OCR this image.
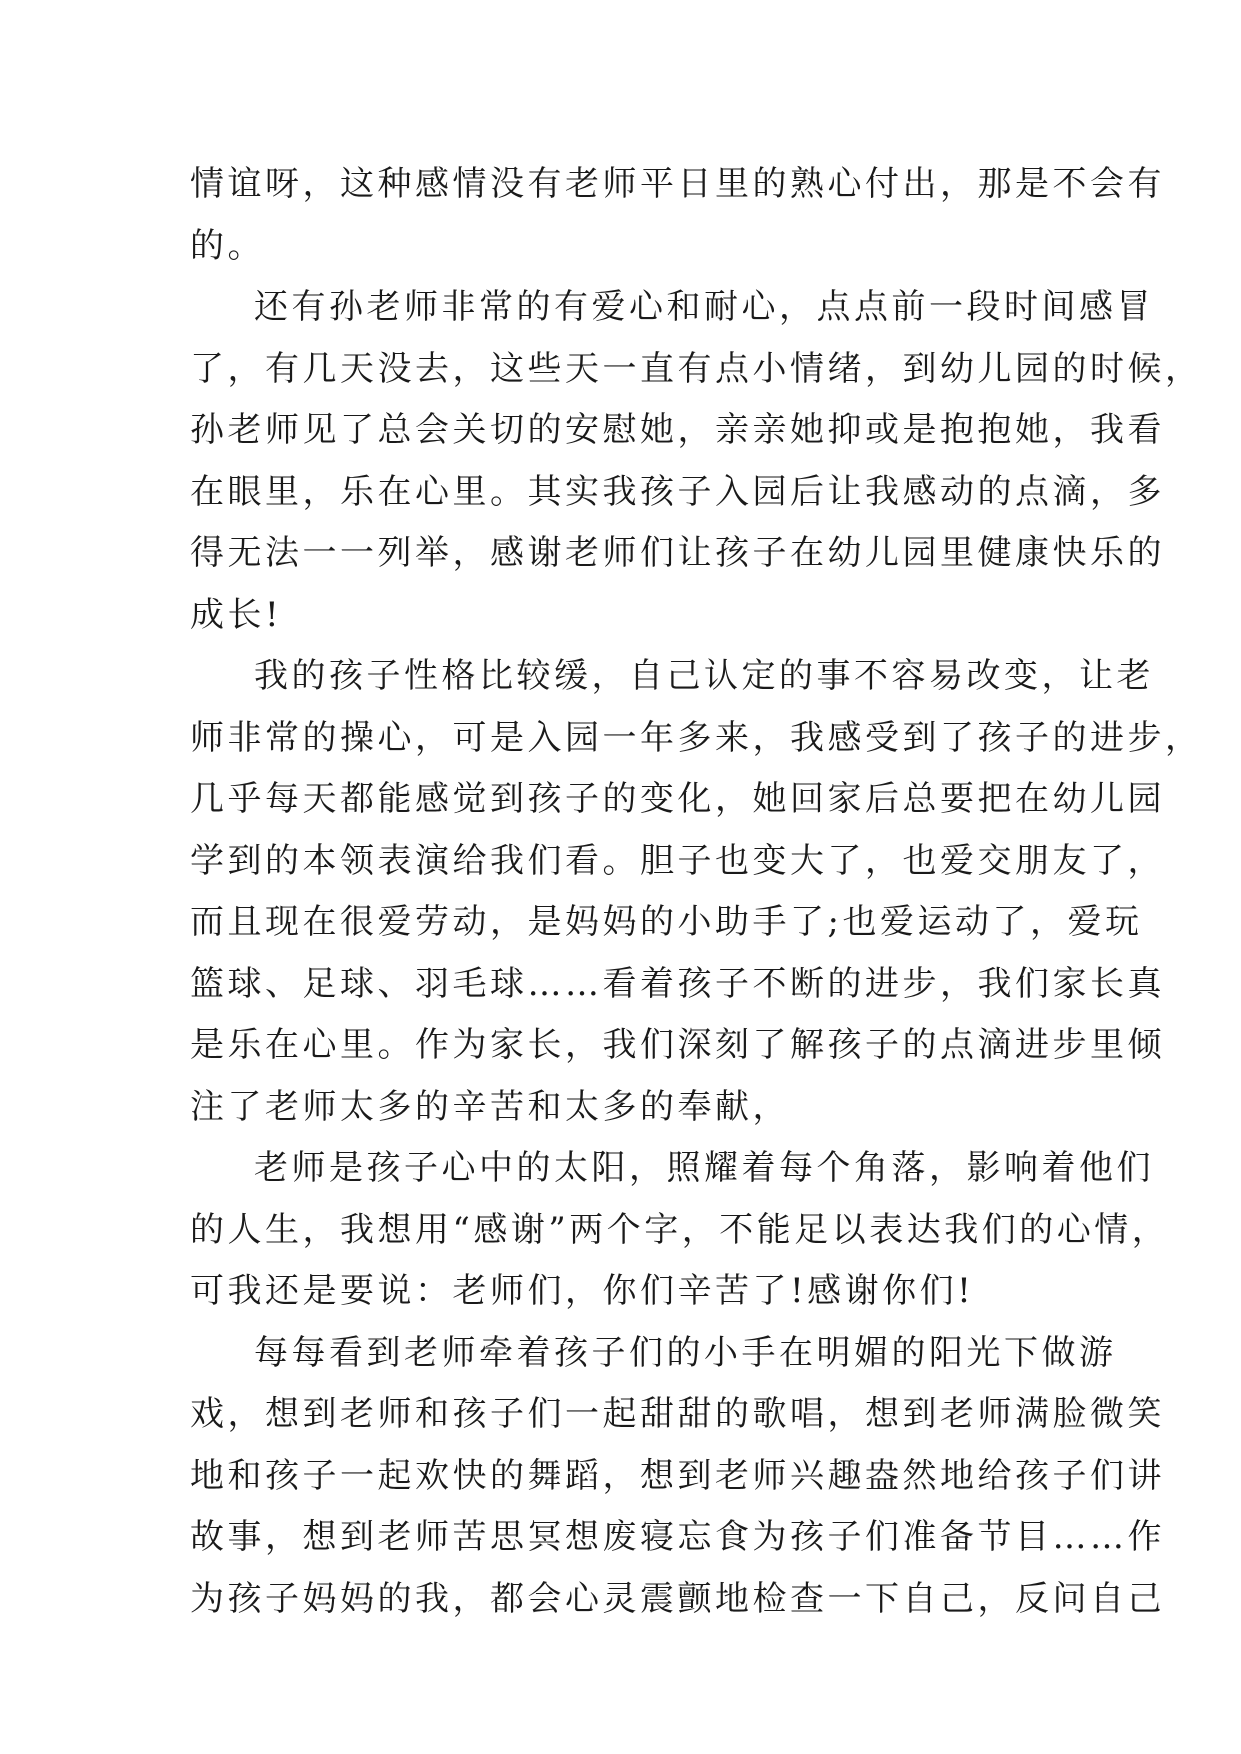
情谊呀，这种感情没有老师平日里的熟心付出，那是不会有
的。
还有孙老师非常的有爱心和耐心，点点前一段时间感冒
了，有几天没去，这些天一直有点小情绪，到幼儿园的时候，
孙老师见了总会关切的安慰她，亲亲她抑或是抱抱她，我看
在眼里，乐在心里。其实我孩子入园后让我感动的点滴，多
得无法一一列举，感谢老师们让孩子在幼儿园里健康快乐的
成长!
我的孩子性格比较缓，自己认定的事不容易改变，让老
师非常的操心，可是入园一年多来，我感受到了孩子的进步，
几乎每天都能感觉到孩子的变化，她回家后总要把在幼儿园
学到的本领表演给我们看。胆子也变大了，也爱交朋友了，
而且现在很爱劳动，是妈妈的小助手了;也爱运动了，爱玩
篮球、足球、羽毛球……看着孩子不断的进步，我们家长真
是乐在心里。作为家长，我们深刻了解孩子的点滴进步里倾
注了老师太多的辛苦和太多的奉献，
老师是孩子心中的太阳，照耀着每个角落，影响着他们
的人生，我想用“感谢”两个字，不能足以表达我们的心情，
可我还是要说：老师们，你们辛苦了!感谢你们!
每每看到老师牵着孩子们的小手在明媚的阳光下做游
戏，想到老师和孩子们一起甜甜的歌唱，想到老师满脸微笑
地和孩子一起欢快的舞蹈，想到老师兴趣盎然地给孩子们讲
故事，想到老师苦思冥想废寝忘食为孩子们准备节目……作
为孩子妈妈的我，都会心灵震颤地检查一下自己，反问自己
